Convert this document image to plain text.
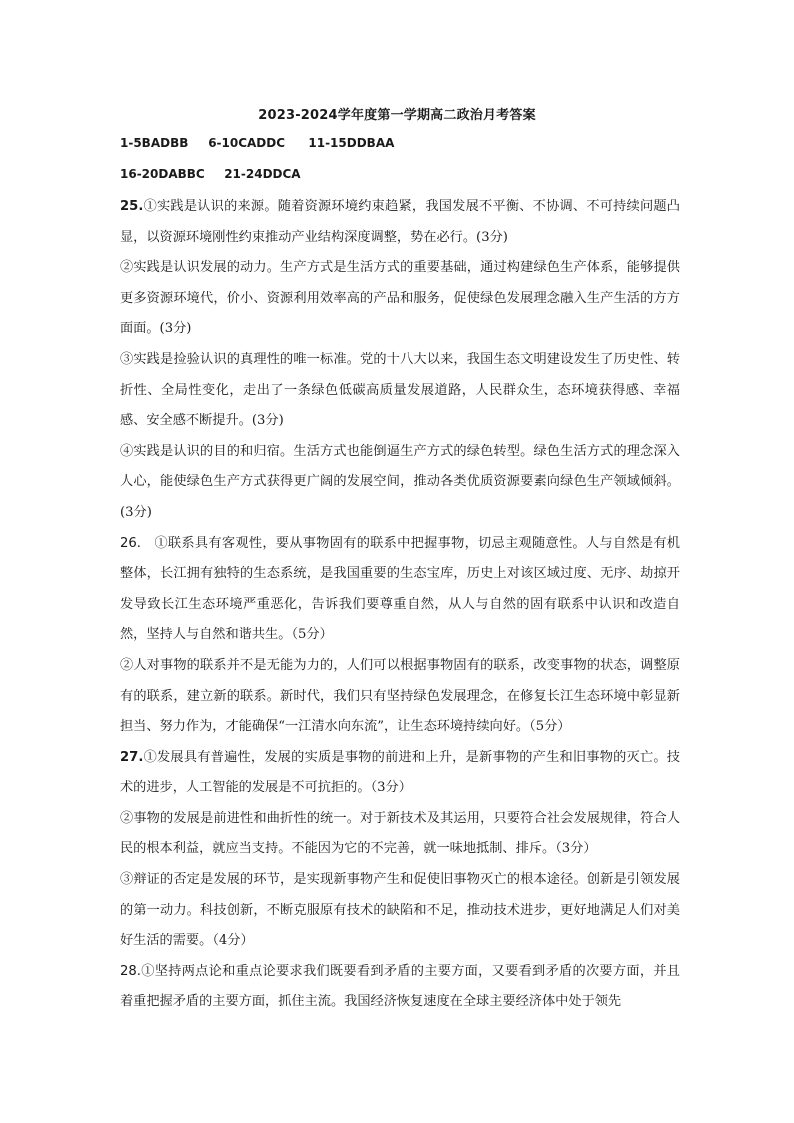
2023-2024学年度第一学期高二政治月考答案
1-5BADBB 6-10CADDC 11-15DDBAA
16-20DABBC 21-24DDCA

25.①实践是认识的来源。随着资源环境约束趋紧，我国发展不平衡、不协调、不可持续问题凸显，以资源环境刚性约束推动产业结构深度调整，势在必行。(3分)

②实践是认识发展的动力。生产方式是生活方式的重要基础，通过构建绿色生产体系，能够提供更多资源环境代，价小、资源利用效率高的产品和服务，促使绿色发展理念融入生产生活的方方面面。(3分)

③实践是捡验认识的真理性的唯一标准。党的十八大以来，我国生态文明建设发生了历史性、转折性、全局性变化，走出了一条绿色低碳高质量发展道路，人民群众生，态环境获得感、幸福感、安全感不断提升。(3分)

④实践是认识的目的和归宿。生活方式也能倒逼生产方式的绿色转型。绿色生活方式的理念深入人心，能使绿色生产方式获得更广阔的发展空间，推动各类优质资源要素向绿色生产领域倾斜。(3分)

26. ①联系具有客观性，要从事物固有的联系中把握事物，切忌主观随意性。人与自然是有机整体，长江拥有独特的生态系统，是我国重要的生态宝库，历史上对该区域过度、无序、劫掠开发导致长江生态环境严重恶化，告诉我们要尊重自然，从人与自然的固有联系中认识和改造自然，坚持人与自然和谐共生。（5分）

②人对事物的联系并不是无能为力的，人们可以根据事物固有的联系，改变事物的状态，调整原有的联系，建立新的联系。新时代，我们只有坚持绿色发展理念，在修复长江生态环境中彰显新担当、努力作为，才能确保“一江清水向东流”，让生态环境持续向好。（5分）

27.①发展具有普遍性，发展的实质是事物的前进和上升，是新事物的产生和旧事物的灭亡。技术的进步，人工智能的发展是不可抗拒的。（3分）

②事物的发展是前进性和曲折性的统一。对于新技术及其运用，只要符合社会发展规律，符合人民的根本利益，就应当支持。不能因为它的不完善，就一味地抵制、排斥。（3分）

③辩证的否定是发展的环节，是实现新事物产生和促使旧事物灭亡的根本途径。创新是引领发展的第一动力。科技创新，不断克服原有技术的缺陷和不足，推动技术进步，更好地满足人们对美好生活的需要。（4分）

28.①坚持两点论和重点论要求我们既要看到矛盾的主要方面，又要看到矛盾的次要方面，并且着重把握矛盾的主要方面，抓住主流。我国经济恢复速度在全球主要经济体中处于领先
